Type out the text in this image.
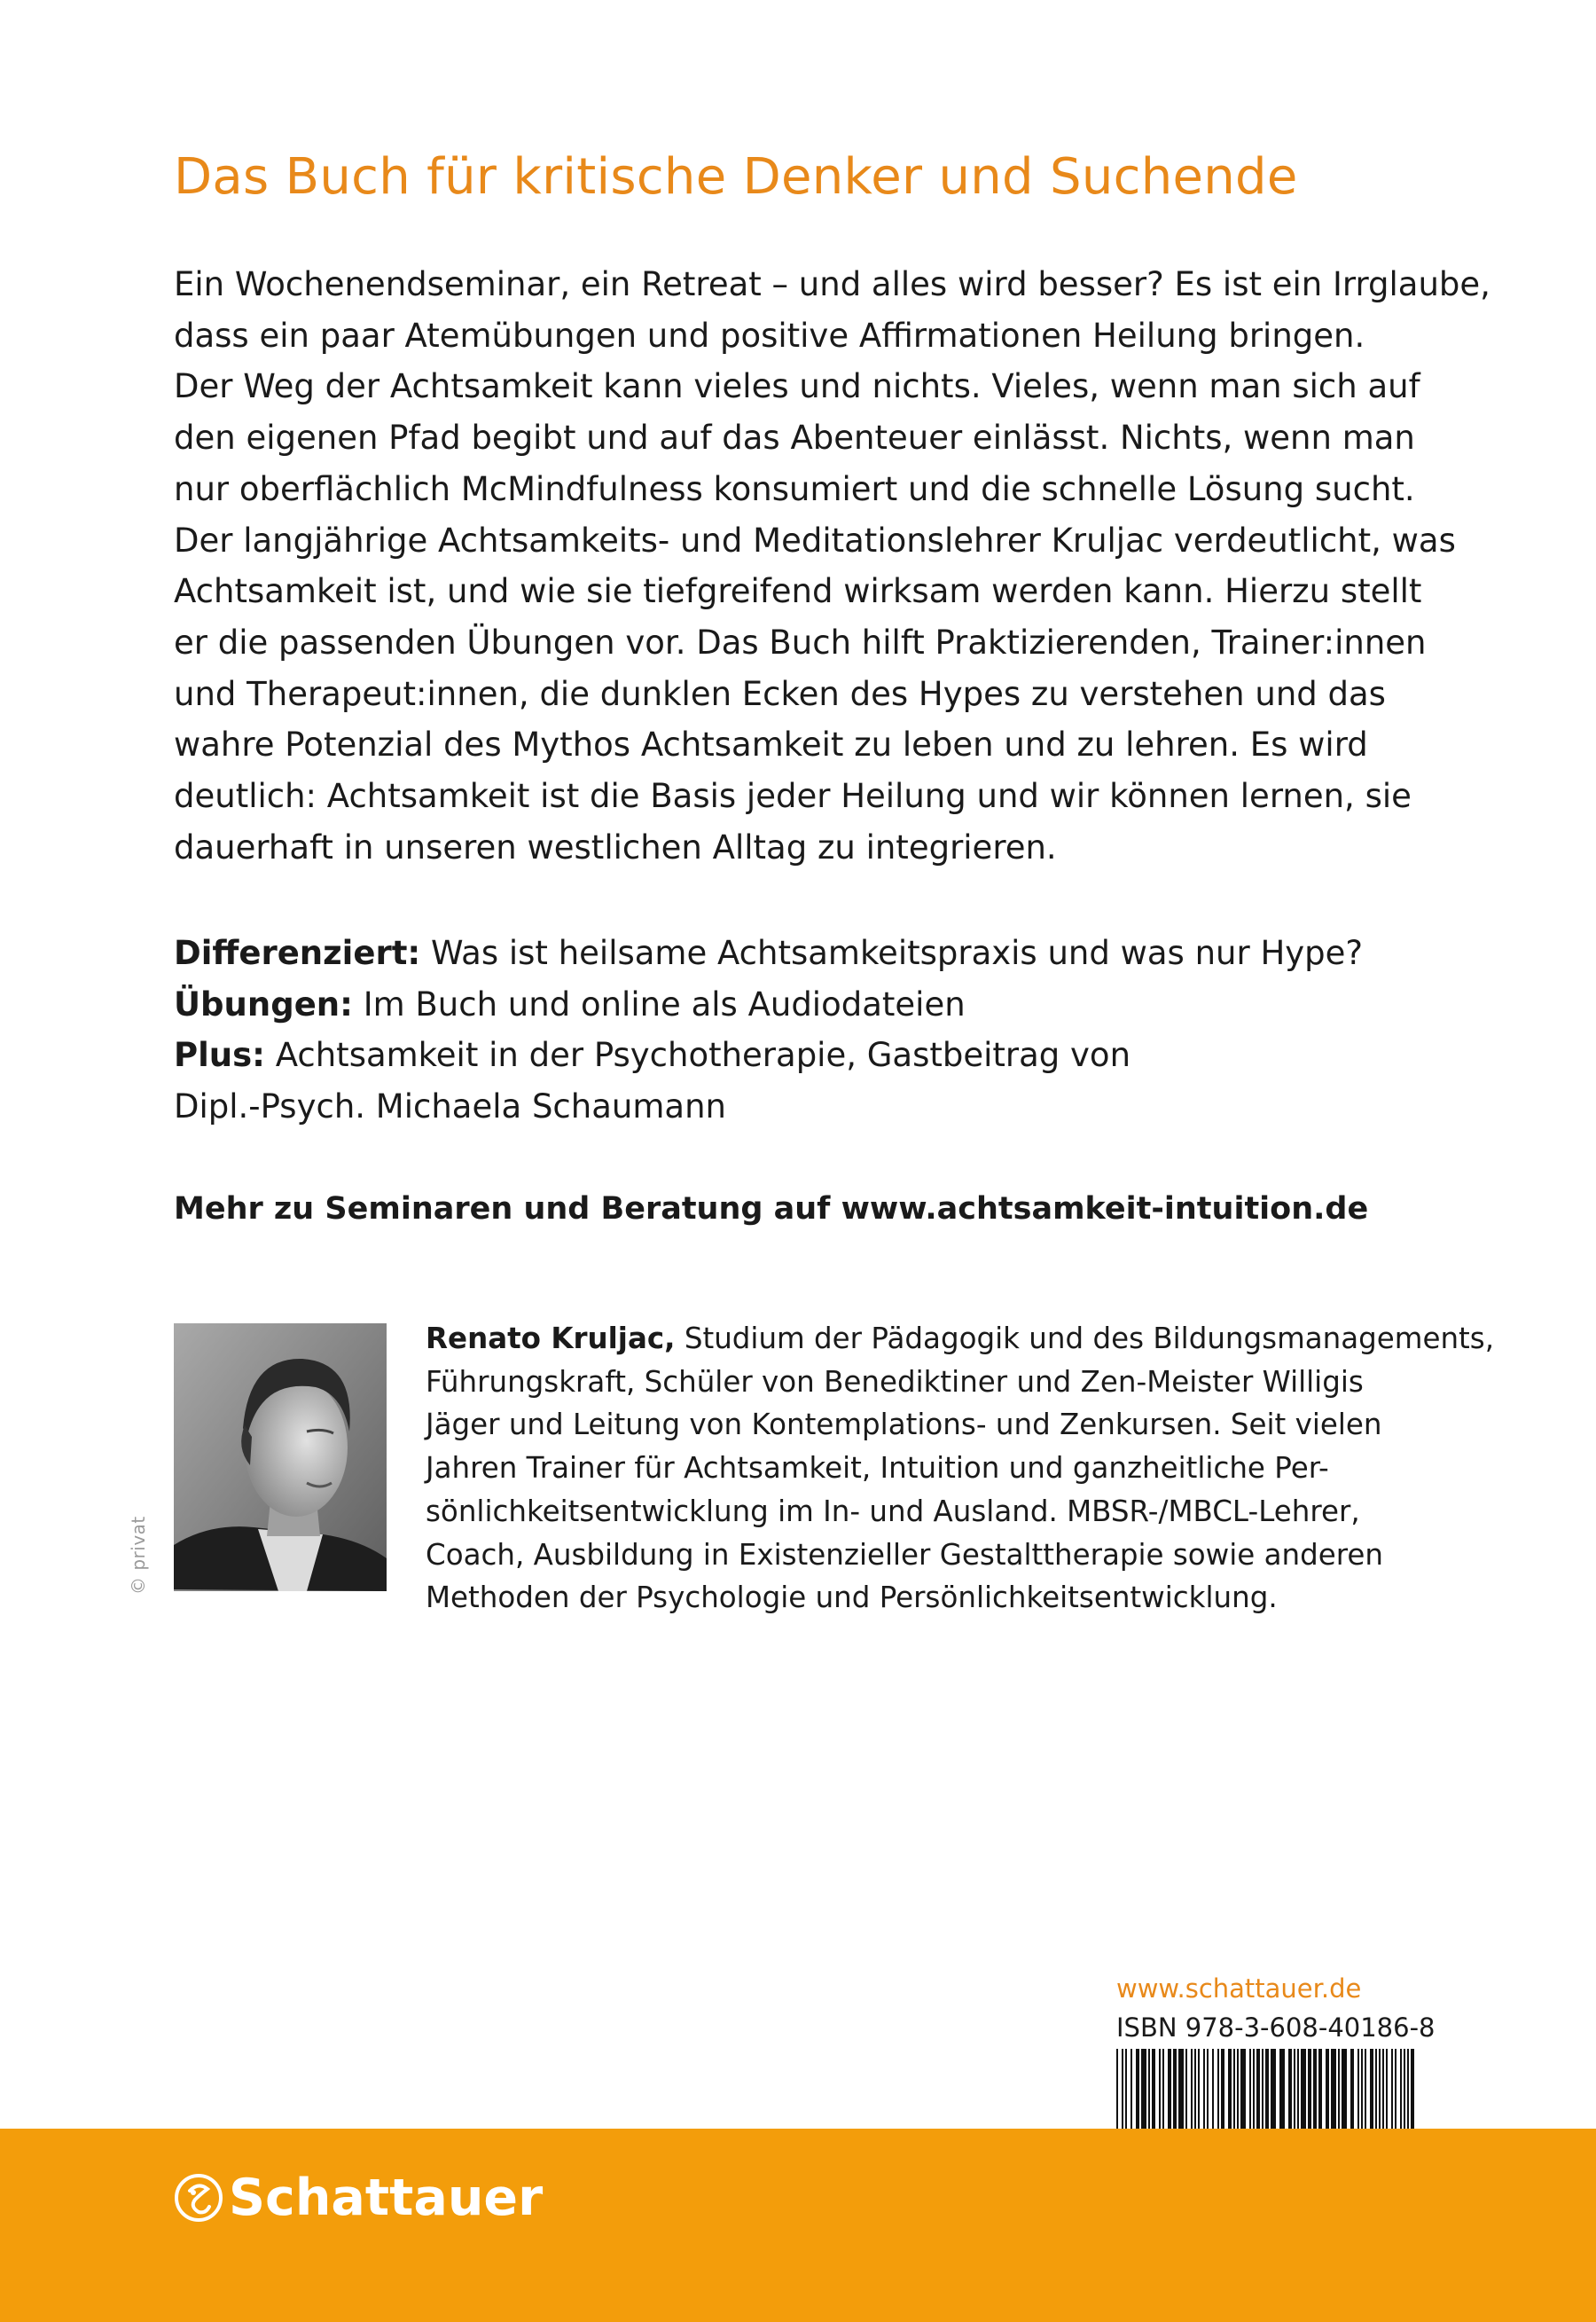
Das Buch für kritische Denker und Suchende
Ein Wochenendseminar, ein Retreat – und alles wird besser? Es ist ein Irrglaube,
dass ein paar Atemübungen und positive Affirmationen Heilung bringen.
Der Weg der Achtsamkeit kann vieles und nichts. Vieles, wenn man sich auf
den eigenen Pfad begibt und auf das Abenteuer einlässt. Nichts, wenn man
nur oberflächlich McMindfulness konsumiert und die schnelle Lösung sucht.
Der langjährige Achtsamkeits- und Meditationslehrer Kruljac verdeutlicht, was
Achtsamkeit ist, und wie sie tiefgreifend wirksam werden kann. Hierzu stellt
er die passenden Übungen vor. Das Buch hilft Praktizierenden, Trainer:innen
und Therapeut:innen, die dunklen Ecken des Hypes zu verstehen und das
wahre Potenzial des Mythos Achtsamkeit zu leben und zu lehren. Es wird
deutlich: Achtsamkeit ist die Basis jeder Heilung und wir können lernen, sie
dauerhaft in unseren westlichen Alltag zu integrieren.
Differenziert: Was ist heilsame Achtsamkeitspraxis und was nur Hype?
Übungen: Im Buch und online als Audiodateien
Plus: Achtsamkeit in der Psychotherapie, Gastbeitrag von
Dipl.-Psych. Michaela Schaumann
Mehr zu Seminaren und Beratung auf www.achtsamkeit-intuition.de
© privat
Renato Kruljac, Studium der Pädagogik und des Bildungsmanagements,
Führungskraft, Schüler von Benediktiner und Zen-Meister Willigis
Jäger und Leitung von Kontemplations- und Zenkursen. Seit vielen
Jahren Trainer für Achtsamkeit, Intuition und ganzheitliche Per-
sönlichkeitsentwicklung im In- und Ausland. MBSR-/MBCL-Lehrer,
Coach, Ausbildung in Existenzieller Gestalttherapie sowie anderen
Methoden der Psychologie und Persönlichkeitsentwicklung.
www.schattauer.de
ISBN 978-3-608-40186-8
Schattauer
